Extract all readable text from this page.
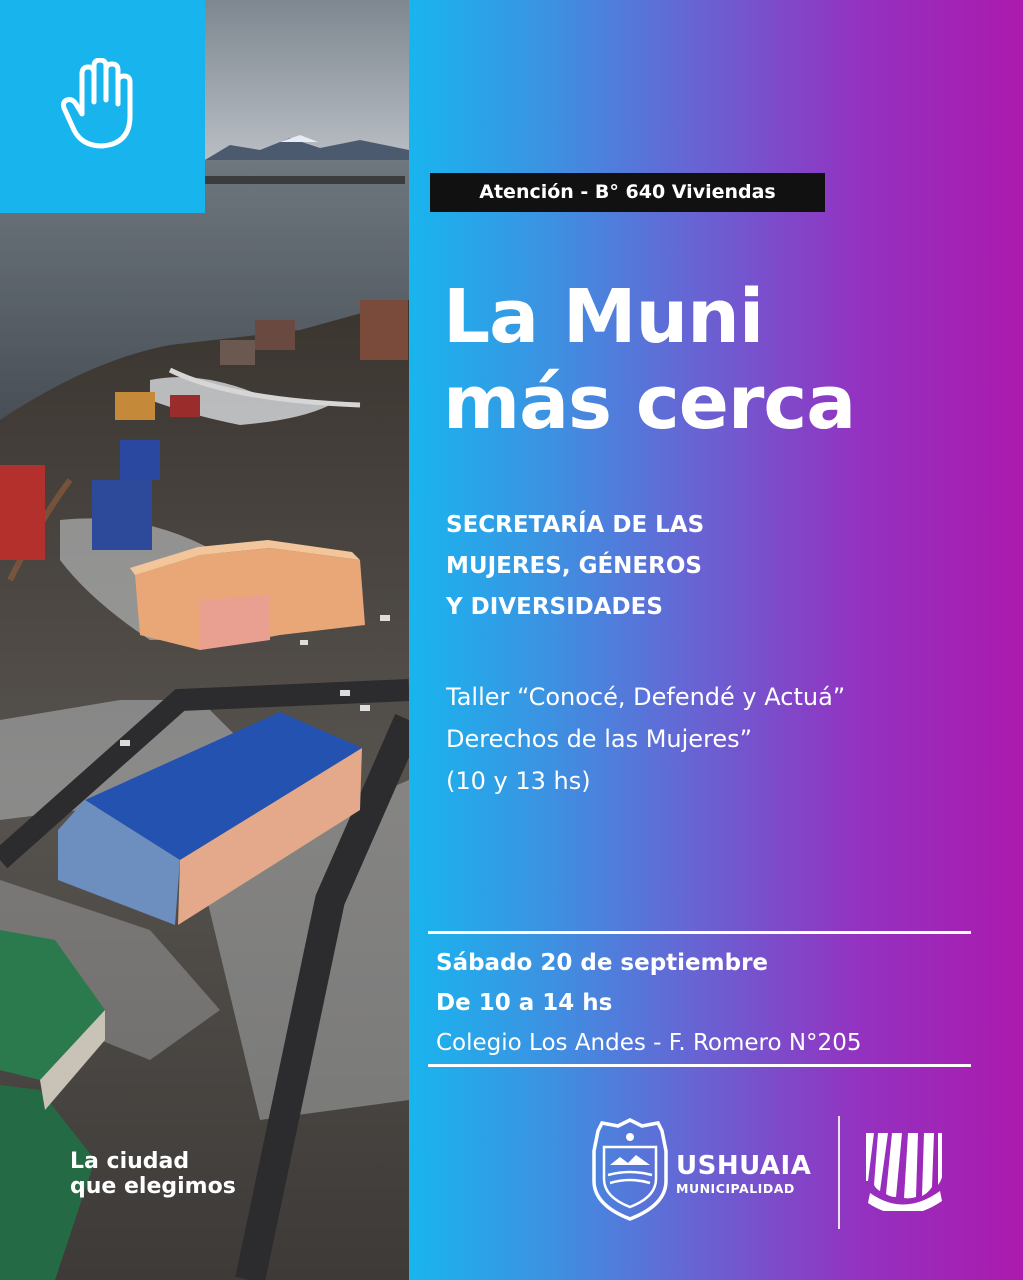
La ciudad
que elegimos
Atención - B° 640 Viviendas
La Muni
más cerca
SECRETARÍA DE LAS
MUJERES, GÉNEROS
Y DIVERSIDADES
Taller “Conocé, Defendé y Actuá”
Derechos de las Mujeres”
(10 y 13 hs)
Sábado 20 de septiembre
De 10 a 14 hs
Colegio Los Andes - F. Romero N°205
USHUAIA
MUNICIPALIDAD
